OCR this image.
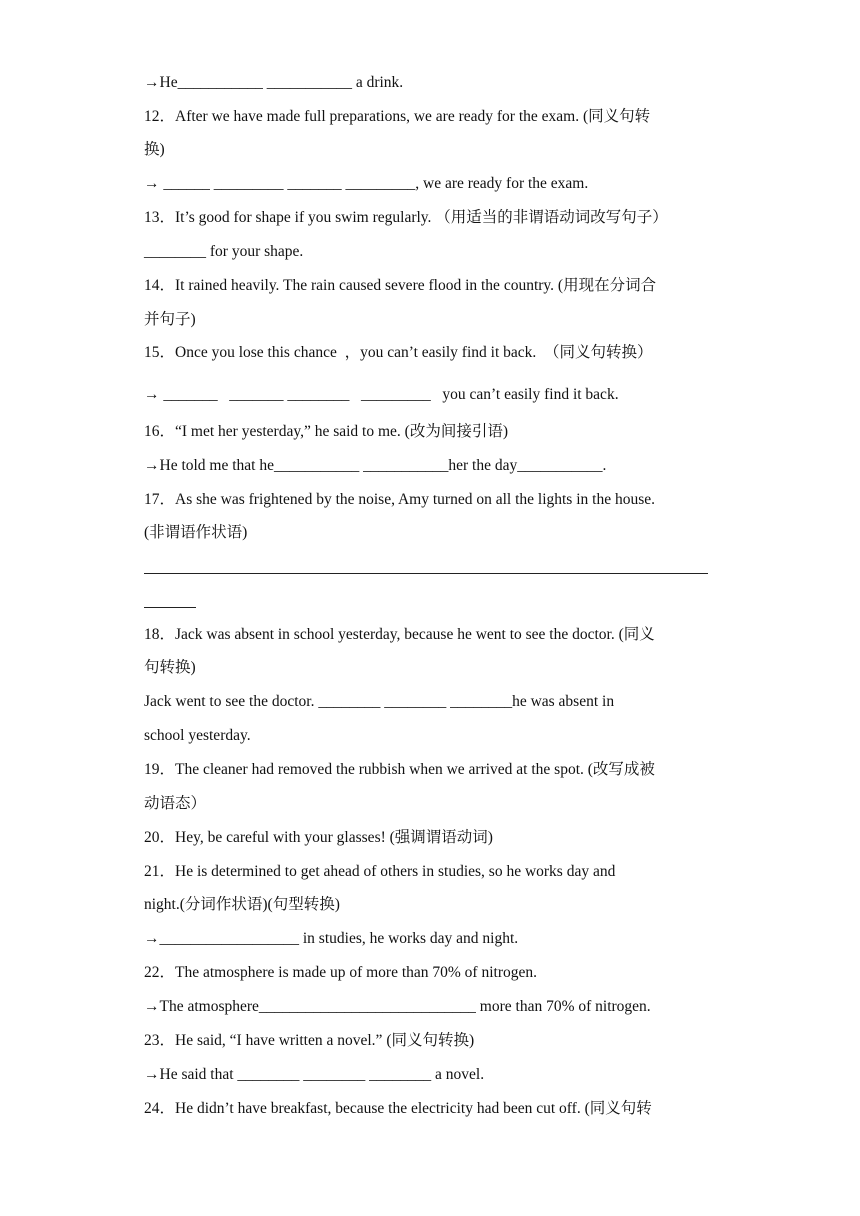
→He___________ ___________ a drink.
12．After we have made full preparations, we are ready for the exam. (同义句转
换)
→ ______ _________ _______ _________, we are ready for the exam.
13．It’s good for shape if you swim regularly. （用适当的非谓语动词改写句子）
________ for your shape.
14．It rained heavily. The rain caused severe flood in the country. (用现在分词合
并句子)
15．Once you lose this chance  ，you can’t easily find it back.  （同义句转换）
→ _______   _______ ________   _________   you can’t easily find it back.
16．“I met her yesterday,” he said to me. (改为间接引语)
→He told me that he___________ ___________her the day___________.
17．As she was frightened by the noise, Amy turned on all the lights in the house.
(非谓语作状语)
18．Jack was absent in school yesterday, because he went to see the doctor. (同义
句转换)
Jack went to see the doctor. ________ ________ ________he was absent in
school yesterday.
19．The cleaner had removed the rubbish when we arrived at the spot. (改写成被
动语态）
20．Hey, be careful with your glasses! (强调谓语动词)
21．He is determined to get ahead of others in studies, so he works day and
night.(分词作状语)(句型转换)
→__________________ in studies, he works day and night.
22．The atmosphere is made up of more than 70% of nitrogen.
→The atmosphere____________________________ more than 70% of nitrogen.
23．He said, “I have written a novel.” (同义句转换)
→He said that ________ ________ ________ a novel.
24．He didn’t have breakfast, because the electricity had been cut off. (同义句转
